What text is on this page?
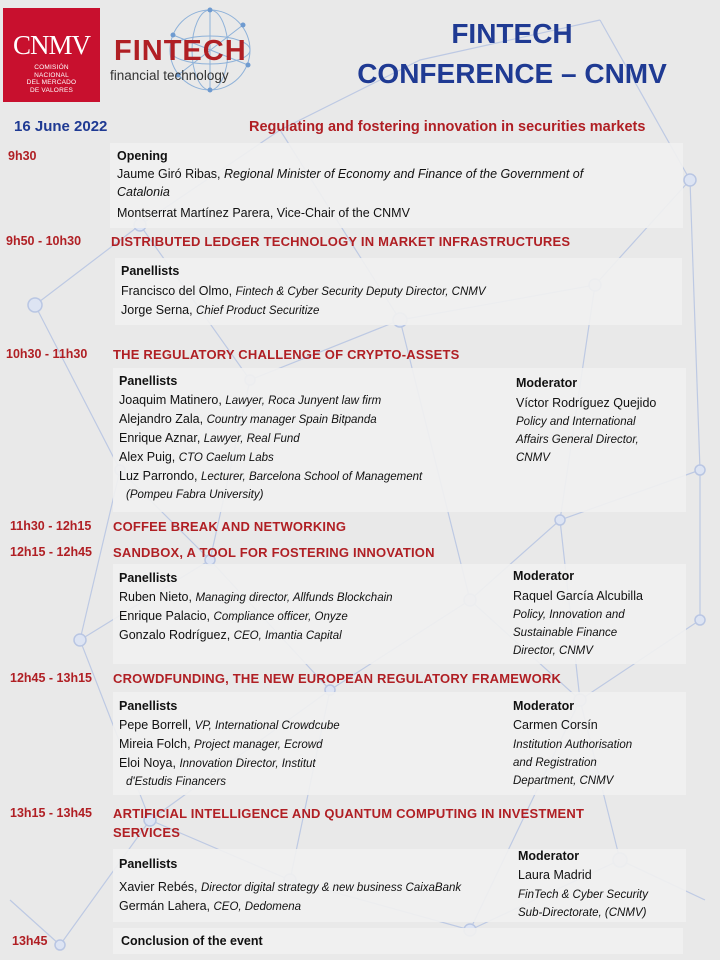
CNMV
COMISIÓN
NACIONAL
DEL MERCADO
DE VALORES
FINTECH
financial technology
FINTECH
CONFERENCE – CNMV
16 June 2022	Regulating and fostering innovation in securities markets
9h30	Opening
Jaume Giró Ribas, Regional Minister of Economy and Finance of the Government of
Catalonia
Montserrat Martínez Parera, Vice-Chair of the CNMV
9h50 - 10h30 DISTRIBUTED LEDGER TECHNOLOGY IN MARKET INFRASTRUCTURES
Panellists
Francisco del Olmo, Fintech & Cyber Security Deputy Director, CNMV
Jorge Serna, Chief Product Securitize
10h30 - 11h30 THE REGULATORY CHALLENGE OF CRYPTO-ASSETS
Panellists
Joaquim Matinero, Lawyer, Roca Junyent law firm
Alejandro Zala, Country manager Spain Bitpanda
Enrique Aznar, Lawyer, Real Fund
Alex Puig, CTO Caelum Labs
Luz Parrondo, Lecturer, Barcelona School of Management
(Pompeu Fabra University)
Moderator
Víctor Rodríguez Quejido
Policy and International
Affairs General Director,
CNMV
11h30 - 12h15 COFFEE BREAK AND NETWORKING
12h15 - 12h45 SANDBOX, A TOOL FOR FOSTERING INNOVATION
Panellists
Ruben Nieto, Managing director, Allfunds Blockchain
Enrique Palacio, Compliance officer, Onyze
Gonzalo Rodríguez, CEO, Imantia Capital
Moderator
Raquel García Alcubilla
Policy, Innovation and
Sustainable Finance
Director, CNMV
12h45 - 13h15 CROWDFUNDING, THE NEW EUROPEAN REGULATORY FRAMEWORK
Panellists
Pepe Borrell, VP, International Crowdcube
Mireia Folch, Project manager, Ecrowd
Eloi Noya, Innovation Director, Institut
d'Estudis Financers
Moderator
Carmen Corsín
Institution Authorisation
and Registration
Department, CNMV
13h15 - 13h45 ARTIFICIAL INTELLIGENCE AND QUANTUM COMPUTING IN INVESTMENT
SERVICES
Panellists
Xavier Rebés, Director digital strategy & new business CaixaBank
Germán Lahera, CEO, Dedomena
Moderator
Laura Madrid
FinTech & Cyber Security
Sub-Directorate, (CNMV)
13h45	Conclusion of the event
